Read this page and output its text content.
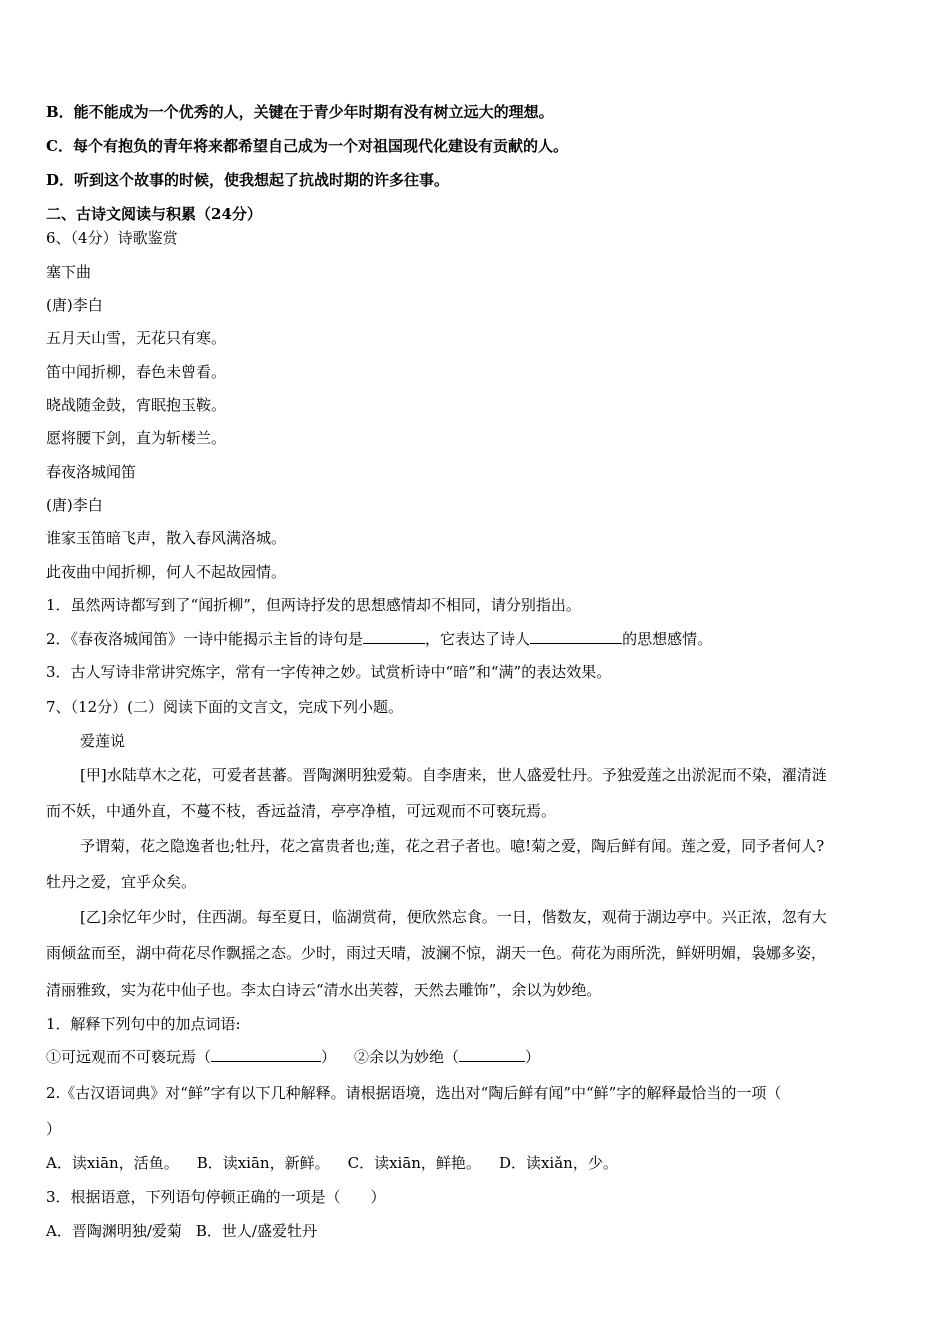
B．能不能成为一个优秀的人，关键在于青少年时期有没有树立远大的理想。
C．每个有抱负的青年将来都希望自己成为一个对祖国现代化建设有贡献的人。
D．听到这个故事的时候，使我想起了抗战时期的许多往事。
二、古诗文阅读与积累（24分）
6、（4分）诗歌鉴赏
塞下曲
(唐)李白
五月天山雪，无花只有寒。
笛中闻折柳，春色未曾看。
晓战随金鼓，宵眠抱玉鞍。
愿将腰下剑，直为斩楼兰。
春夜洛城闻笛
(唐)李白
谁家玉笛暗飞声，散入春风满洛城。
此夜曲中闻折柳，何人不起故园情。
1．虽然两诗都写到了“闻折柳”，但两诗抒发的思想感情却不相同，请分别指出。
2．《春夜洛城闻笛》一诗中能揭示主旨的诗句是	，它表达了诗人	的思想感情。
3．古人写诗非常讲究炼字，常有一字传神之妙。试赏析诗中“暗”和“满”的表达效果。
7、（12分）(二）阅读下面的文言文，完成下列小题。
爱莲说
[甲]水陆草木之花，可爱者甚蕃。晋陶渊明独爱菊。自李唐来，世人盛爱牡丹。予独爱莲之出淤泥而不染，濯清涟
而不妖，中通外直，不蔓不枝，香远益清，亭亭净植，可远观而不可亵玩焉。
予谓菊，花之隐逸者也;牡丹，花之富贵者也;莲，花之君子者也。噫!菊之爱，陶后鲜有闻。莲之爱，同予者何人?
牡丹之爱，宜乎众矣。
[乙]余忆年少时，住西湖。每至夏日，临湖赏荷，便欣然忘食。一日，偕数友，观荷于湖边亭中。兴正浓，忽有大
雨倾盆而至，湖中荷花尽作飘摇之态。少时，雨过天晴，波澜不惊，湖天一色。荷花为雨所洗，鲜妍明媚，袅娜多姿，
清丽雅致，实为花中仙子也。李太白诗云“清水出芙蓉，天然去雕饰”，余以为妙绝。
1．解释下列句中的加点词语:
①可远观而不可亵玩焉（	） ②余以为妙绝（	）
2.《古汉语词典》对“鲜”字有以下几种解释。请根据语境，选出对“陶后鲜有闻”中“鲜”字的解释最恰当的一项（
）
A．读xiān，活鱼。 B．读xiān，新鲜。 C．读xiān，鲜艳。 D．读xiǎn，少。
3．根据语意，下列语句停顿正确的一项是（　　）
A．晋陶渊明独/爱菊 B．世人/盛爱牡丹
